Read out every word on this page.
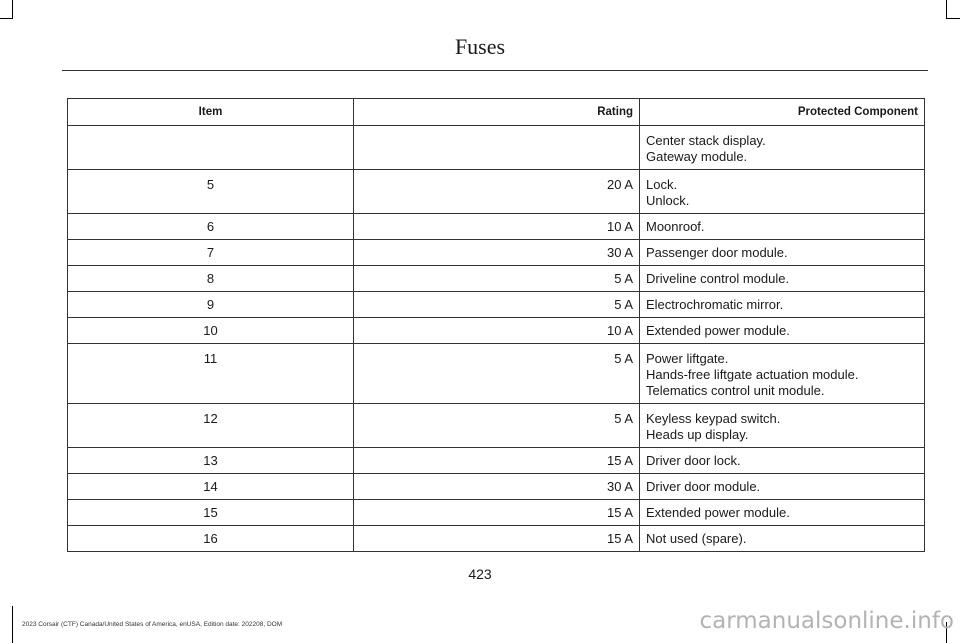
Fuses
Item	Rating	Protected Component

		Center stack display.
Gateway module.

5	20 A	Lock.
Unlock.

6	10 A	Moonroof.

7	30 A	Passenger door module.

8	5 A	Driveline control module.

9	5 A	Electrochromatic mirror.

10	10 A	Extended power module.

11	5 A	Power liftgate.
Hands-free liftgate actuation module.
Telematics control unit module.

12	5 A	Keyless keypad switch.
Heads up display.

13	15 A	Driver door lock.

14	30 A	Driver door module.

15	15 A	Extended power module.

16	15 A	Not used (spare).
423
2023 Corsair (CTF) Canada/United States of America, enUSA, Edition date: 202208, DOM	carmanualsonline.info
